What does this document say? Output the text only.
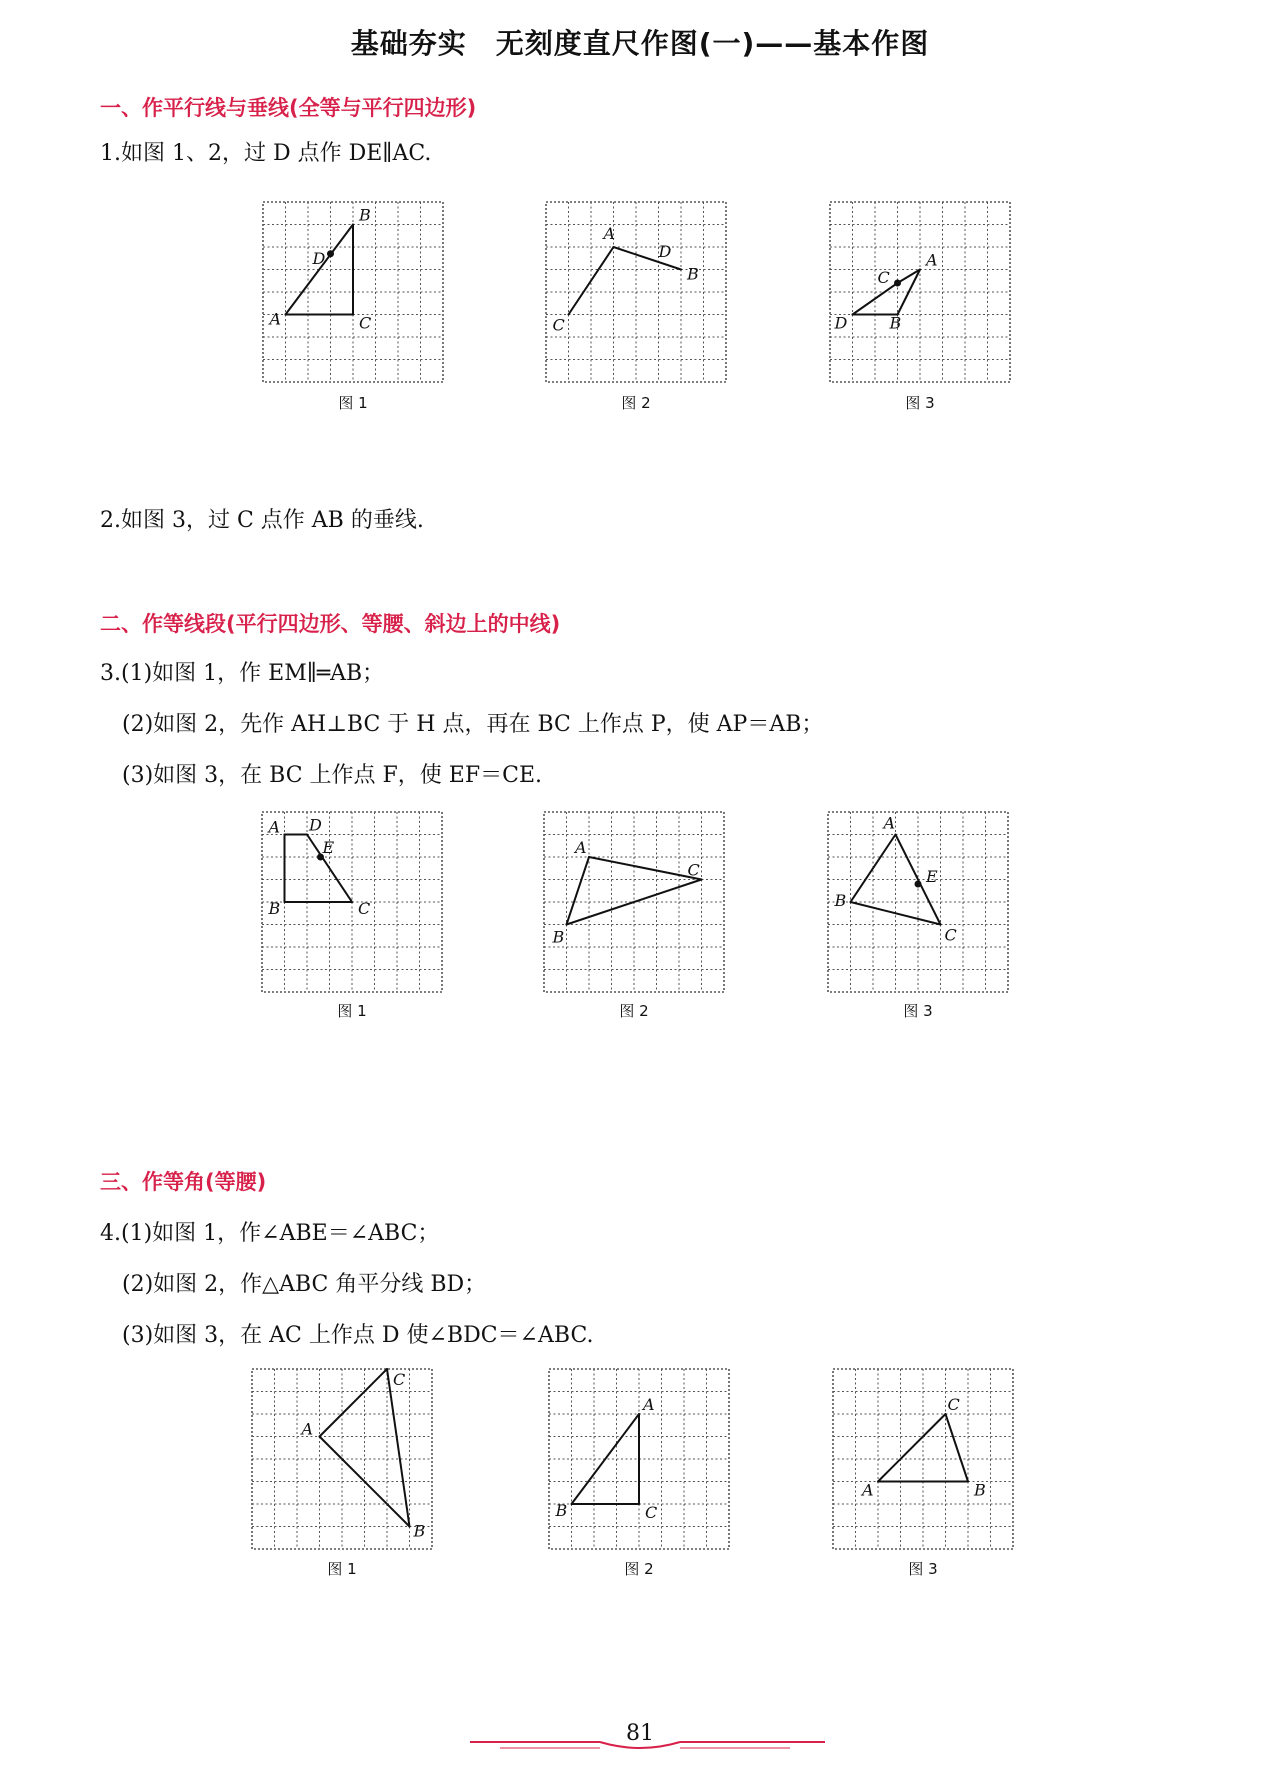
基础夯实　无刻度直尺作图(一)——基本作图
一、作平行线与垂线(全等与平行四边形)
1.如图 1、2，过 D 点作 DE∥AC.
A
B
C
D
图 1
A
B
C
D
图 2
A
B
C
D
图 3
2.如图 3，过 C 点作 AB 的垂线.
二、作等线段(平行四边形、等腰、斜边上的中线)
3.(1)如图 1，作 EM∥═AB；
(2)如图 2，先作 AH⊥BC 于 H 点，再在 BC 上作点 P，使 AP＝AB；
(3)如图 3，在 BC 上作点 F，使 EF＝CE.
A
B	C
D
E
图 1
A
B
C
图 2
A
B
C
E
图 3
三、作等角(等腰)
4.(1)如图 1，作∠ABE＝∠ABC；
(2)如图 2，作△ABC 角平分线 BD；
(3)如图 3，在 AC 上作点 D 使∠BDC＝∠ABC.
A
B
C
图 1
A
B	C
图 2
A	B
C
图 3
81
